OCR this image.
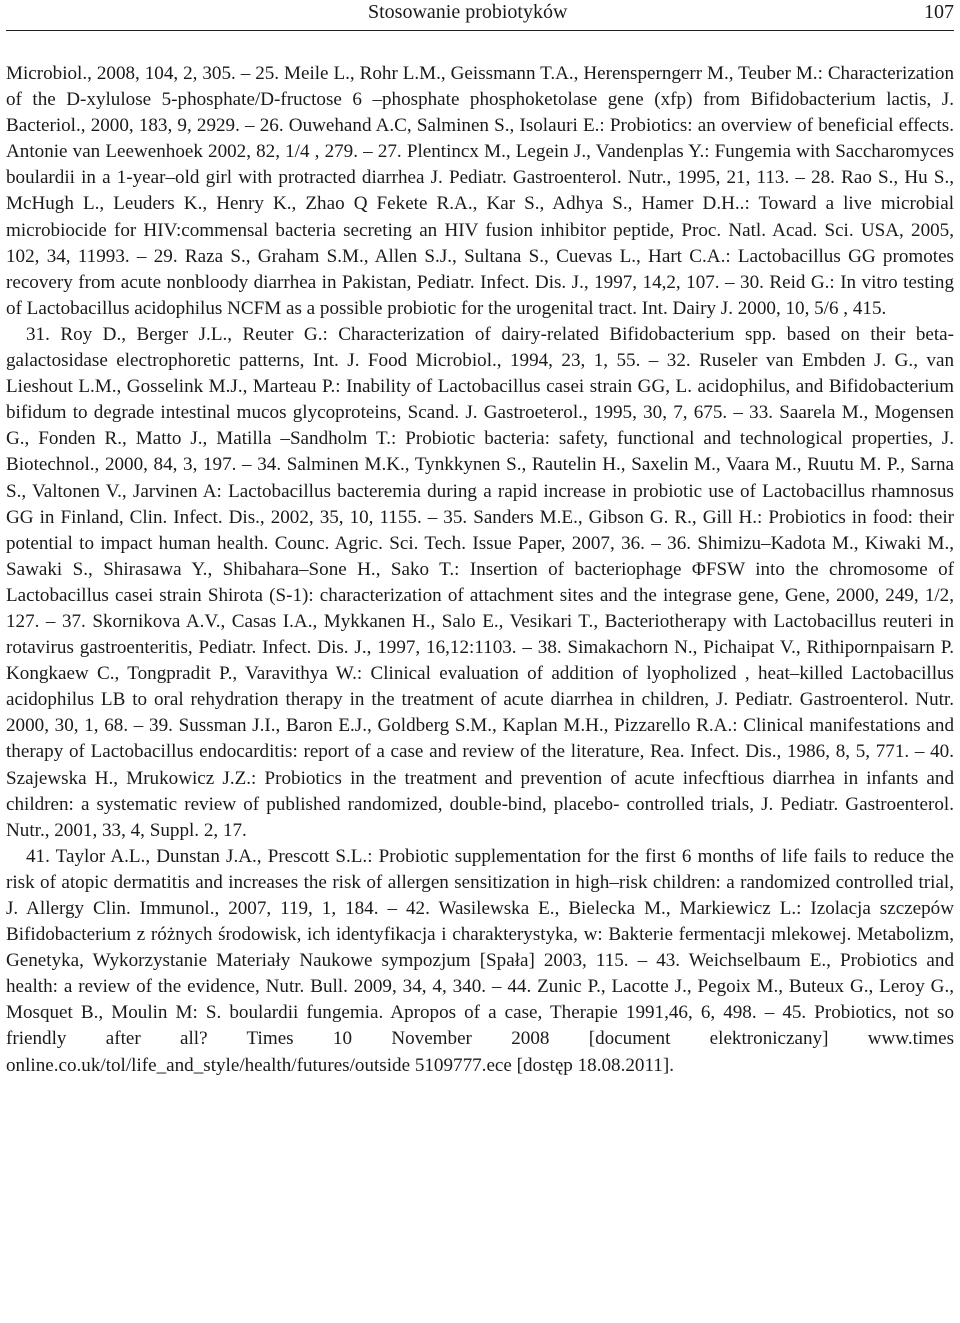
Stosowanie probiotyków	107

Microbiol., 2008, 104, 2, 305. – 25. Meile L., Rohr L.M., Geissmann T.A., Herensperngerr M., Teuber M.: Characterization of the D-xylulose 5-phosphate/D-fructose 6 –phosphate phosphoketolase gene (xfp) from Bifidobacterium lactis, J. Bacteriol., 2000, 183, 9, 2929. – 26. Ouwehand A.C, Salminen S., Isolauri E.: Probiotics: an overview of beneficial effects. Antonie van Leewenhoek 2002, 82, 1/4 , 279. – 27. Plentincx M., Legein J., Vandenplas Y.: Fungemia with Saccharomyces boulardii in a 1-year–old girl with protracted diarrhea J. Pediatr. Gastroenterol. Nutr., 1995, 21, 113. – 28. Rao S., Hu S., McHugh L., Leuders K., Henry K., Zhao Q Fekete R.A., Kar S., Adhya S., Hamer D.H..: Toward a live microbial microbiocide for HIV:commensal bacteria secreting an HIV fusion inhibitor peptide, Proc. Natl. Acad. Sci. USA, 2005, 102, 34, 11993. – 29. Raza S., Graham S.M., Allen S.J., Sultana S., Cuevas L., Hart C.A.: Lactobacillus GG promotes recovery from acute nonbloody diarrhea in Pakistan, Pediatr. Infect. Dis. J., 1997, 14,2, 107. – 30. Reid G.: In vitro testing of Lactobacillus acidophilus NCFM as a possible probiotic for the urogenital tract. Int. Dairy J. 2000, 10, 5/6 , 415.

31. Roy D., Berger J.L., Reuter G.: Characterization of dairy-related Bifidobacterium spp. based on their beta-galactosidase electrophoretic patterns, Int. J. Food Microbiol., 1994, 23, 1, 55. – 32. Ruseler van Embden J. G., van Lieshout L.M., Gosselink M.J., Marteau P.: Inability of Lactobacillus casei strain GG, L. acidophilus, and Bifidobacterium bifidum to degrade intestinal mucos glycoproteins, Scand. J. Gastroeterol., 1995, 30, 7, 675. – 33. Saarela M., Mogensen G., Fonden R., Matto J., Matilla –Sandholm T.: Probiotic bacteria: safety, functional and technological properties, J. Biotechnol., 2000, 84, 3, 197. – 34. Salminen M.K., Tynkkynen S., Rautelin H., Saxelin M., Vaara M., Ruutu M. P., Sarna S., Valtonen V., Jarvinen A: Lactobacillus bacteremia during a rapid increase in probiotic use of Lactobacillus rhamnosus GG in Finland, Clin. Infect. Dis., 2002, 35, 10, 1155. – 35. Sanders M.E., Gibson G. R., Gill H.: Probiotics in food: their potential to impact human health. Counc. Agric. Sci. Tech. Issue Paper, 2007, 36. – 36. Shimizu–Kadota M., Kiwaki M., Sawaki S., Shirasawa Y., Shibahara–Sone H., Sako T.: Insertion of bacteriophage ΦFSW into the chromosome of Lactobacillus casei strain Shirota (S-1): characterization of attachment sites and the integrase gene, Gene, 2000, 249, 1/2, 127. – 37. Skornikova A.V., Casas I.A., Mykkanen H., Salo E., Vesikari T., Bacteriotherapy with Lactobacillus reuteri in rotavirus gastroenteritis, Pediatr. Infect. Dis. J., 1997, 16,12:1103. – 38. Simakachorn N., Pichaipat V., Rithipornpaisarn P. Kongkaew C., Tongpradit P., Varavithya W.: Clinical evaluation of addition of lyopholized , heat–killed Lactobacillus acidophilus LB to oral rehydration therapy in the treatment of acute diarrhea in children, J. Pediatr. Gastroenterol. Nutr. 2000, 30, 1, 68. – 39. Sussman J.I., Baron E.J., Goldberg S.M., Kaplan M.H., Pizzarello R.A.: Clinical manifestations and therapy of Lactobacillus endocarditis: report of a case and review of the literature, Rea. Infect. Dis., 1986, 8, 5, 771. – 40. Szajewska H., Mrukowicz J.Z.: Probiotics in the treatment and prevention of acute infecftious diarrhea in infants and children: a systematic review of published randomized, double-bind, placebo- controlled trials, J. Pediatr. Gastroenterol. Nutr., 2001, 33, 4, Suppl. 2, 17.

41. Taylor A.L., Dunstan J.A., Prescott S.L.: Probiotic supplementation for the first 6 months of life fails to reduce the risk of atopic dermatitis and increases the risk of allergen sensitization in high–risk children: a randomized controlled trial, J. Allergy Clin. Immunol., 2007, 119, 1, 184. – 42. Wasilewska E., Bielecka M., Markiewicz L.: Izolacja szczepów Bifidobacterium z różnych środowisk, ich identyfikacja i charakterystyka, w: Bakterie fermentacji mlekowej. Metabolizm, Genetyka, Wykorzystanie Materiały Naukowe sympozjum [Spała] 2003, 115. – 43. Weichselbaum E., Probiotics and health: a review of the evidence, Nutr. Bull. 2009, 34, 4, 340. – 44. Zunic P., Lacotte J., Pegoix M., Buteux G., Leroy G., Mosquet B., Moulin M: S. boulardii fungemia. Apropos of a case, Therapie 1991,46, 6, 498. – 45. Probiotics, not so friendly after all? Times 10 November 2008 [document elektroniczany] www.times online.co.uk/tol/life_and_style/health/futures/outside 5109777.ece [dostęp 18.08.2011].
